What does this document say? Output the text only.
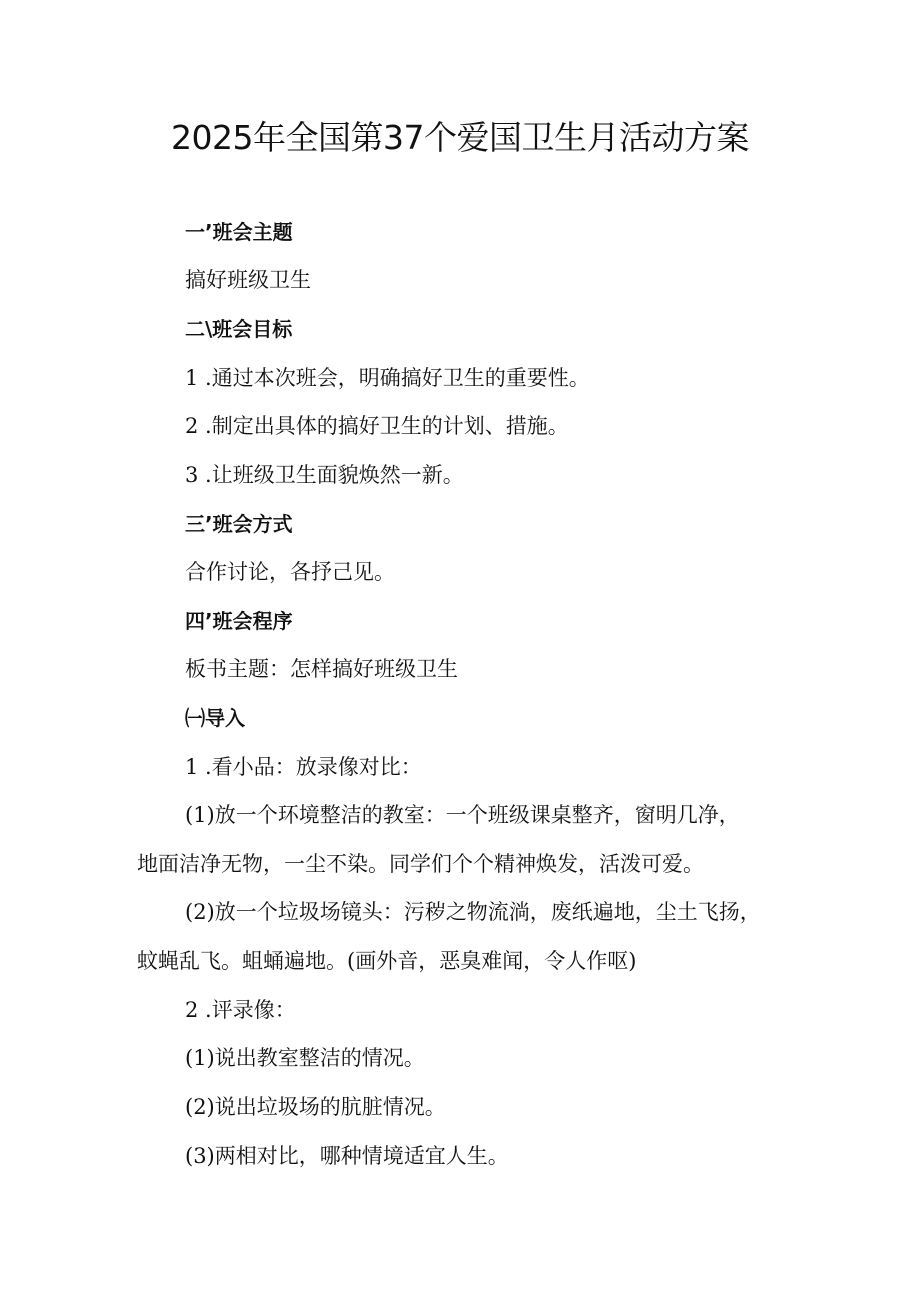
2025年全国第37个爱国卫生月活动方案
一’班会主题
搞好班级卫生
二\班会目标
1 .通过本次班会，明确搞好卫生的重要性。
2 .制定出具体的搞好卫生的计划、措施。
3 .让班级卫生面貌焕然一新。
三’班会方式
合作讨论，各抒己见。
四’班会程序
板书主题：怎样搞好班级卫生
㈠导入
1 .看小品：放录像对比：
(1)放一个环境整洁的教室：一个班级课桌整齐，窗明几净，
地面洁净无物，一尘不染。同学们个个精神焕发，活泼可爱。
(2)放一个垃圾场镜头：污秽之物流淌，废纸遍地，尘土飞扬，
蚊蝇乱飞。蛆蛹遍地。(画外音，恶臭难闻，令人作呕)
2 .评录像：
(1)说出教室整洁的情况。
(2)说出垃圾场的肮脏情况。
(3)两相对比，哪种情境适宜人生。
